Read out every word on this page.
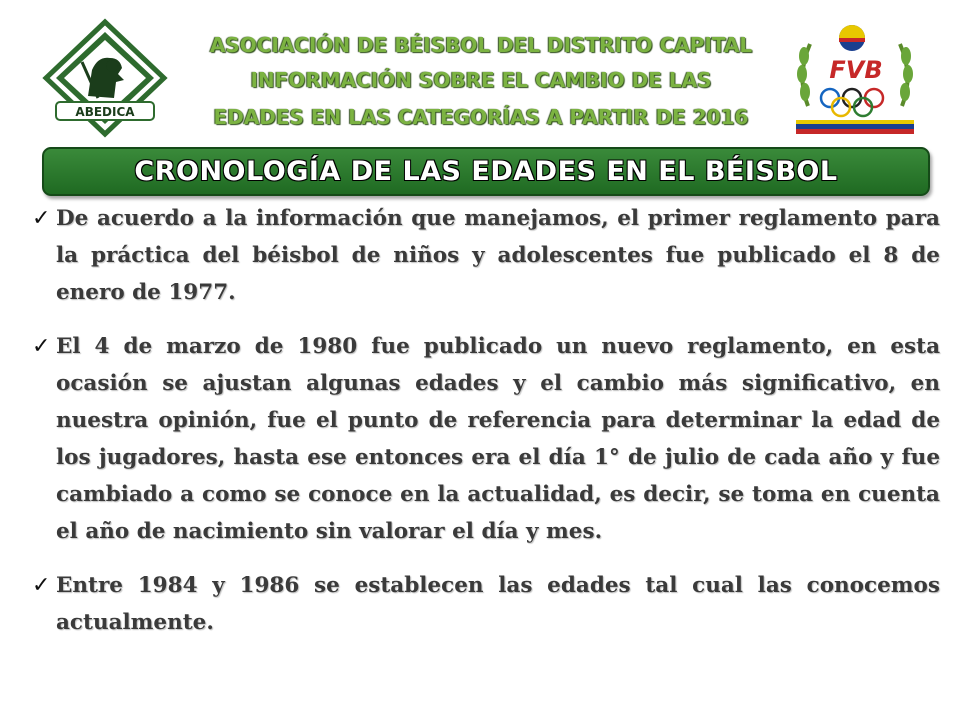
ABEDICA
ASOCIACIÓN DE BÉISBOL DEL DISTRITO CAPITAL
INFORMACIÓN SOBRE EL CAMBIO DE LAS
EDADES EN LAS CATEGORÍAS A PARTIR DE 2016
FVB
CRONOLOGÍA DE LAS EDADES EN EL BÉISBOL
✓ De acuerdo a la información que manejamos, el primer reglamento para la práctica del béisbol de niños y adolescentes fue publicado el 8 de enero de 1977.
✓ El 4 de marzo de 1980 fue publicado un nuevo reglamento, en esta ocasión se ajustan algunas edades y el cambio más significativo, en nuestra opinión, fue el punto de referencia para determinar la edad de los jugadores, hasta ese entonces era el día 1° de julio de cada año y fue cambiado a como se conoce en la actualidad, es decir, se toma en cuenta el año de nacimiento sin valorar el día y mes.
✓ Entre 1984 y 1986 se establecen las edades tal cual las conocemos actualmente.
